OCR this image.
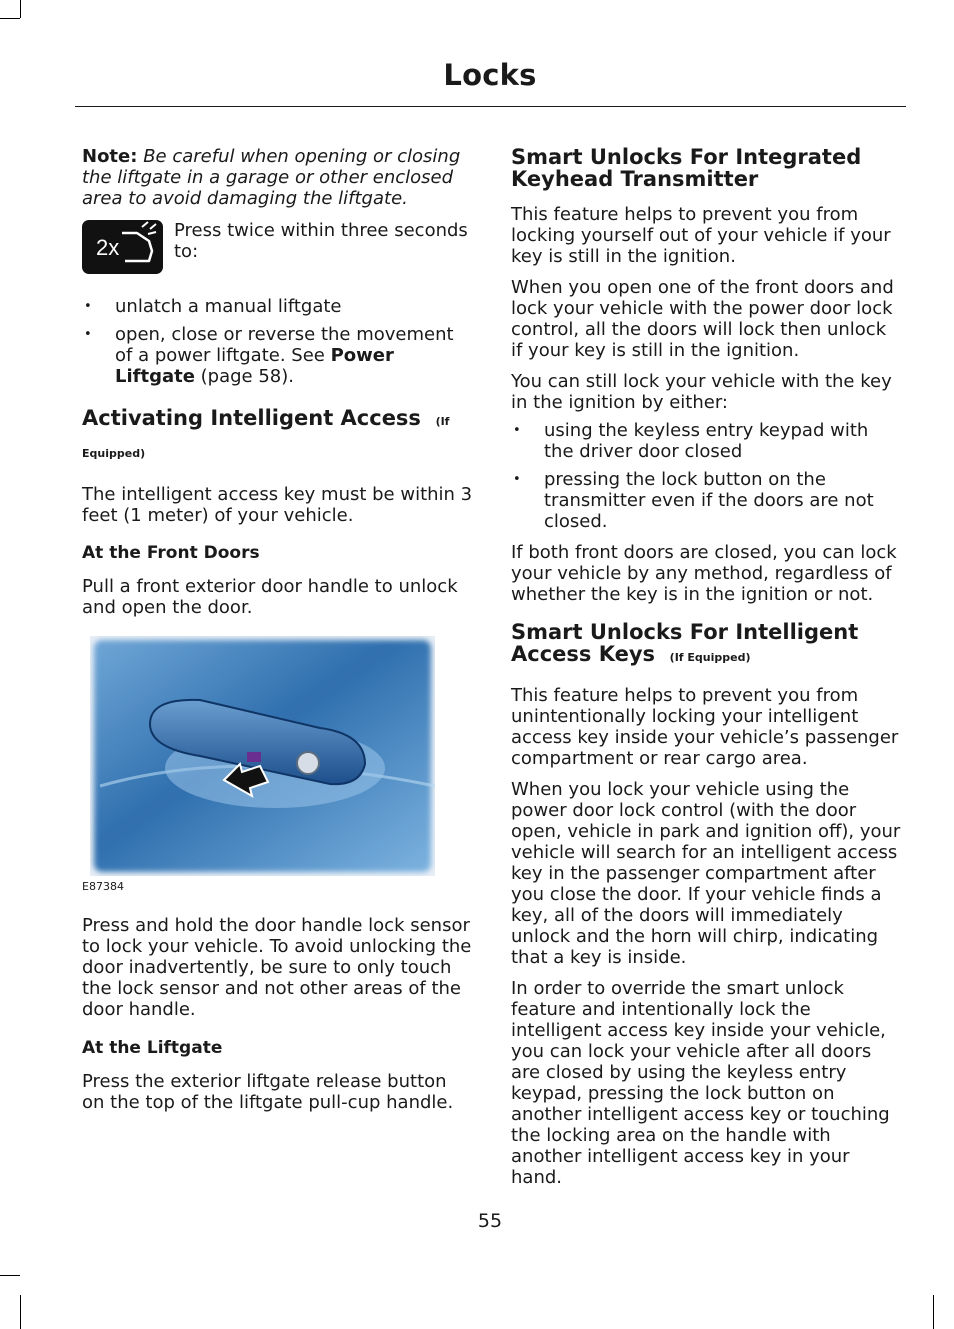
Locks

Note: Be careful when opening or closing the liftgate in a garage or other enclosed area to avoid damaging the liftgate.

2x

Press twice within three seconds to:

• unlatch a manual liftgate
• open, close or reverse the movement of a power liftgate. See Power Liftgate (page 58).
Activating Intelligent Access (If Equipped)

The intelligent access key must be within 3 feet (1 meter) of your vehicle.

At the Front Doors

Pull a front exterior door handle to unlock and open the door.

E87384

Press and hold the door handle lock sensor to lock your vehicle. To avoid unlocking the door inadvertently, be sure to only touch the lock sensor and not other areas of the door handle.

At the Liftgate

Press the exterior liftgate release button on the top of the liftgate pull-cup handle.

Smart Unlocks For Integrated Keyhead Transmitter

This feature helps to prevent you from locking yourself out of your vehicle if your key is still in the ignition.

When you open one of the front doors and lock your vehicle with the power door lock control, all the doors will lock then unlock if your key is still in the ignition.

You can still lock your vehicle with the key in the ignition by either:

• using the keyless entry keypad with the driver door closed
• pressing the lock button on the transmitter even if the doors are not closed.

If both front doors are closed, you can lock your vehicle by any method, regardless of whether the key is in the ignition or not.

Smart Unlocks For Intelligent Access Keys (If Equipped)

This feature helps to prevent you from unintentionally locking your intelligent access key inside your vehicle’s passenger compartment or rear cargo area.

When you lock your vehicle using the power door lock control (with the door open, vehicle in park and ignition off), your vehicle will search for an intelligent access key in the passenger compartment after you close the door. If your vehicle finds a key, all of the doors will immediately unlock and the horn will chirp, indicating that a key is inside.

In order to override the smart unlock feature and intentionally lock the intelligent access key inside your vehicle, you can lock your vehicle after all doors are closed by using the keyless entry keypad, pressing the lock button on another intelligent access key or touching the locking area on the handle with another intelligent access key in your hand.

55
